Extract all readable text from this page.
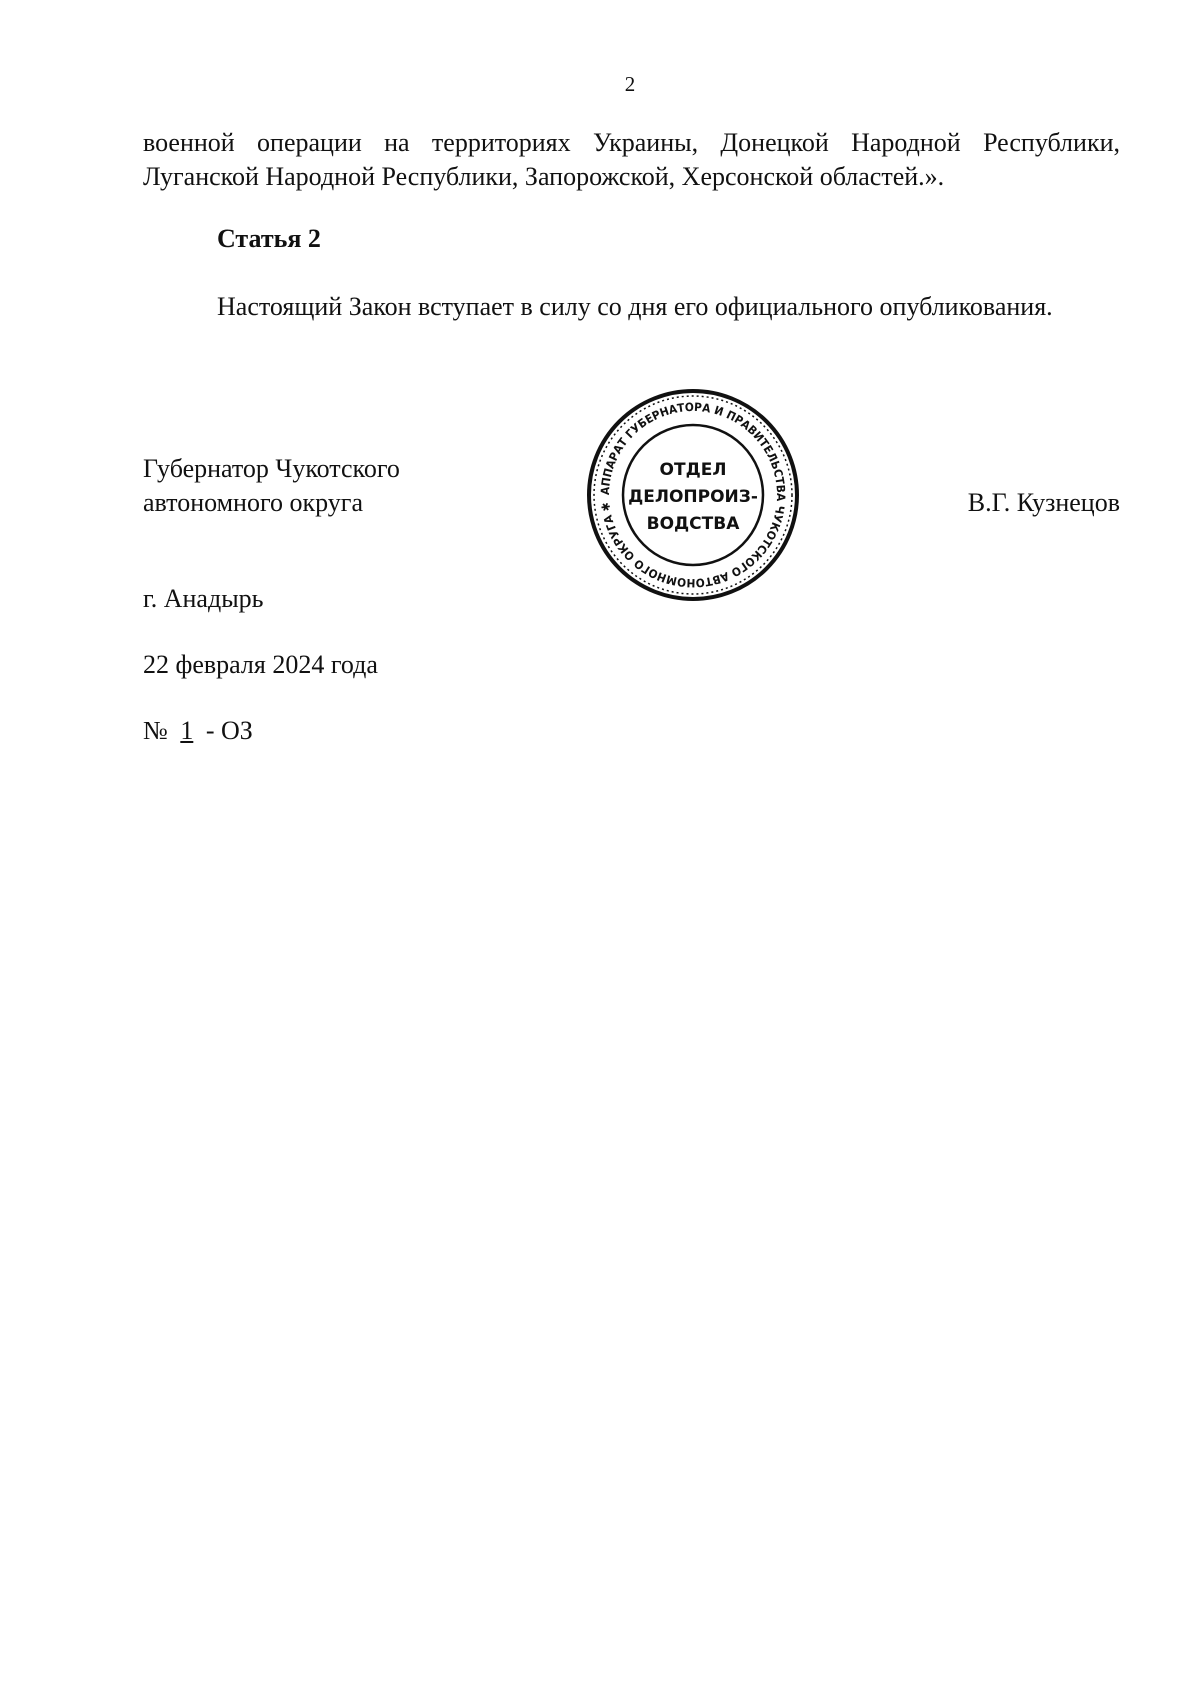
2
военной операции на территориях Украины, Донецкой Народной Республики, Луганской Народной Республики, Запорожской, Херсонской областей.».
Статья 2
Настоящий Закон вступает в силу со дня его официального опубликования.
Губернатор Чукотского
автономного округа	В.Г. Кузнецов
АППАРАТ ГУБЕРНАТОРА И ПРАВИТЕЛЬСТВА ЧУКОТСКОГО АВТОНОМНОГО ОКРУГА ✱
ОТДЕЛ
ДЕЛОПРОИЗ-
ВОДСТВА
г. Анадырь
22 февраля 2024 года
№ 1 - ОЗ
